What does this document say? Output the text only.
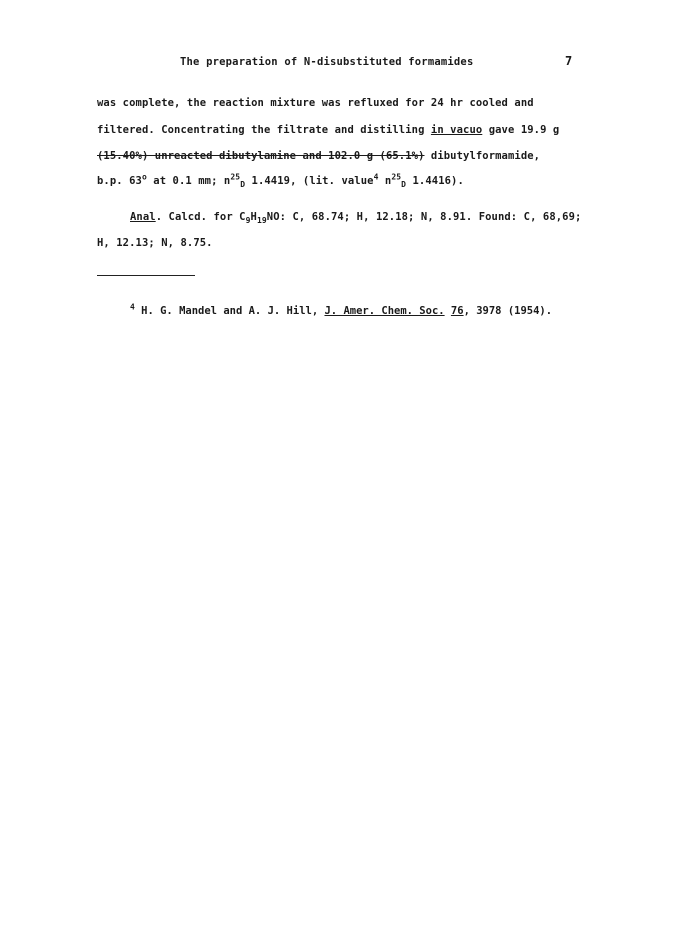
The preparation of N-disubstituted formamides	7
was complete, the reaction mixture was refluxed for 24 hr cooled and
filtered. Concentrating the filtrate and distilling in vacuo gave 19.9 g
(15.40%) unreacted dibutylamine and 102.0 g (65.1%) dibutylformamide,
b.p. 63$^o$ at 0.1 mm; $n^{25}_D$ 1.4419, (lit. value$^4$ $n^{25}_D$ 1.4416).
Anal. Calcd. for $C_9H_{19}NO$: C, 68.74; H, 12.18; N, 8.91. Found: C, 68,69;
H, 12.13; N, 8.75.
$^4$ H. G. Mandel and A. J. Hill, J. Amer. Chem. Soc. 76, 3978 (1954).
